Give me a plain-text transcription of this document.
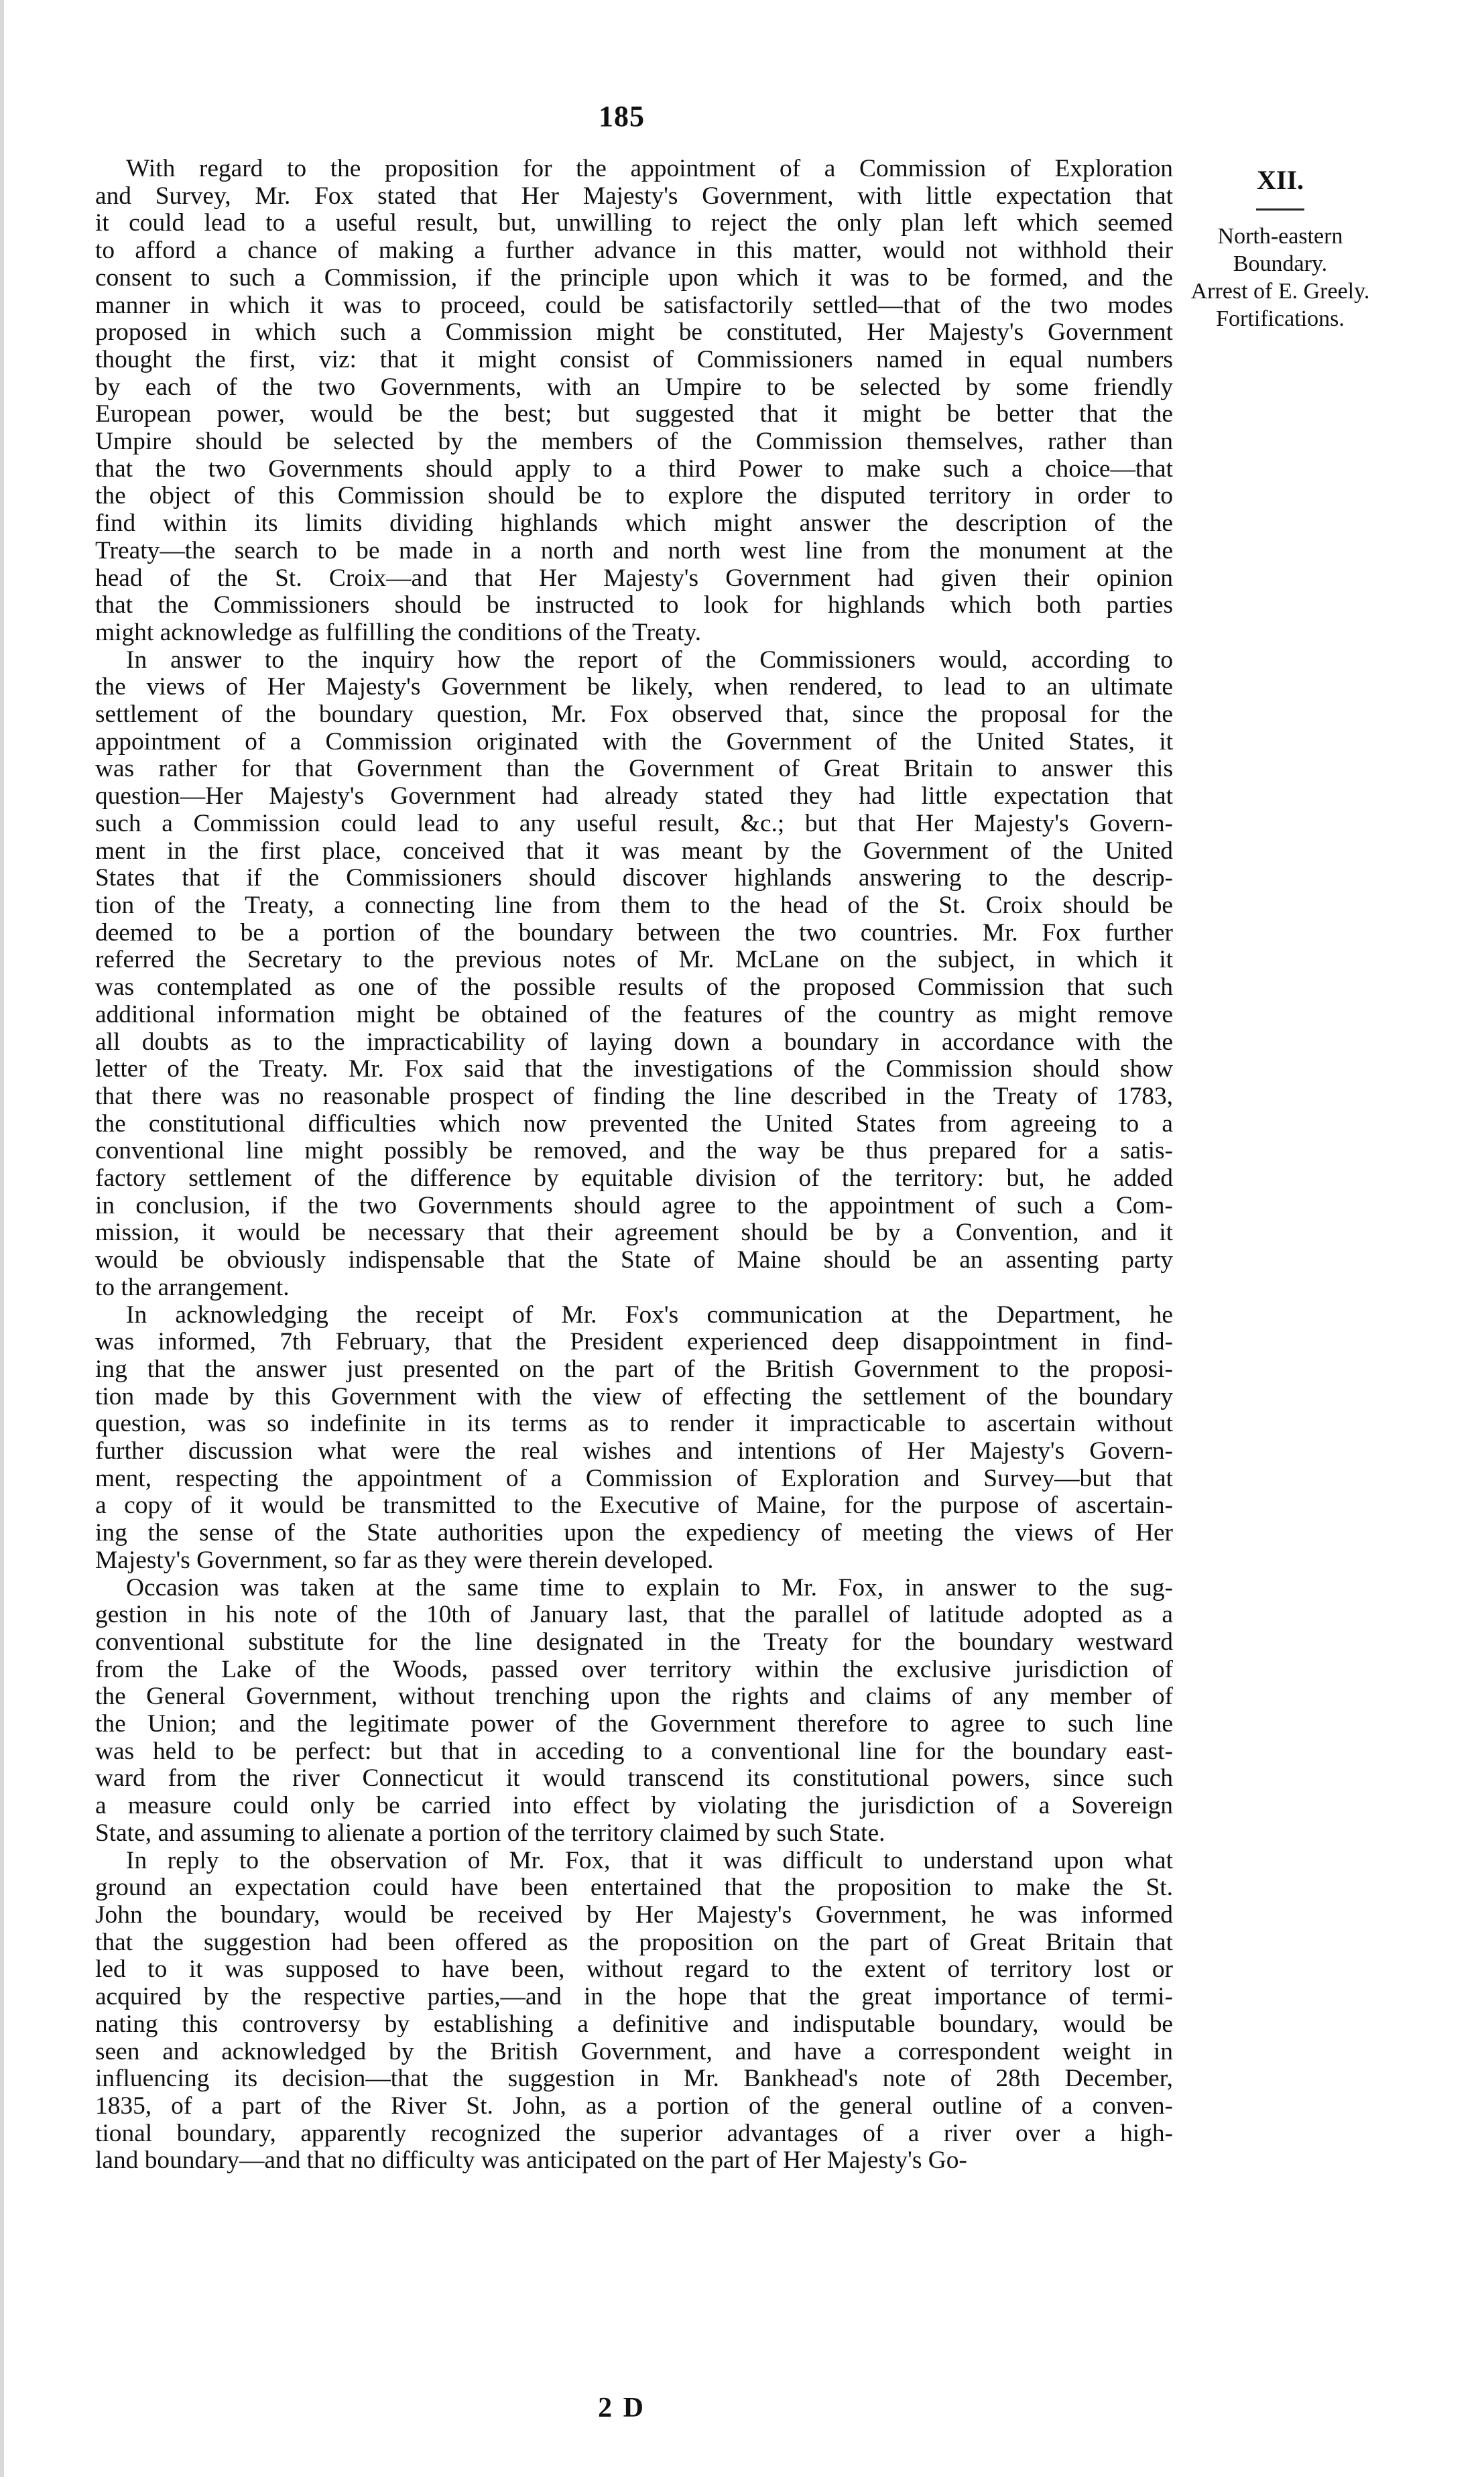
185
XII.
North-eastern
Boundary.
Arrest of E. Greely.
Fortifications.
With regard to the proposition for the appointment of a Commission of Exploration
and Survey, Mr. Fox stated that Her Majesty's Government, with little expectation that
it could lead to a useful result, but, unwilling to reject the only plan left which seemed
to afford a chance of making a further advance in this matter, would not withhold their
consent to such a Commission, if the principle upon which it was to be formed, and the
manner in which it was to proceed, could be satisfactorily settled—that of the two modes
proposed in which such a Commission might be constituted, Her Majesty's Government
thought the first, viz: that it might consist of Commissioners named in equal numbers
by each of the two Governments, with an Umpire to be selected by some friendly
European power, would be the best; but suggested that it might be better that the
Umpire should be selected by the members of the Commission themselves, rather than
that the two Governments should apply to a third Power to make such a choice—that
the object of this Commission should be to explore the disputed territory in order to
find within its limits dividing highlands which might answer the description of the
Treaty—the search to be made in a north and north west line from the monument at the
head of the St. Croix—and that Her Majesty's Government had given their opinion
that the Commissioners should be instructed to look for highlands which both parties
might acknowledge as fulfilling the conditions of the Treaty.
In answer to the inquiry how the report of the Commissioners would, according to
the views of Her Majesty's Government be likely, when rendered, to lead to an ultimate
settlement of the boundary question, Mr. Fox observed that, since the proposal for the
appointment of a Commission originated with the Government of the United States, it
was rather for that Government than the Government of Great Britain to answer this
question—Her Majesty's Government had already stated they had little expectation that
such a Commission could lead to any useful result, &c.; but that Her Majesty's Govern-
ment in the first place, conceived that it was meant by the Government of the United
States that if the Commissioners should discover highlands answering to the descrip-
tion of the Treaty, a connecting line from them to the head of the St. Croix should be
deemed to be a portion of the boundary between the two countries. Mr. Fox further
referred the Secretary to the previous notes of Mr. McLane on the subject, in which it
was contemplated as one of the possible results of the proposed Commission that such
additional information might be obtained of the features of the country as might remove
all doubts as to the impracticability of laying down a boundary in accordance with the
letter of the Treaty. Mr. Fox said that the investigations of the Commission should show
that there was no reasonable prospect of finding the line described in the Treaty of 1783,
the constitutional difficulties which now prevented the United States from agreeing to a
conventional line might possibly be removed, and the way be thus prepared for a satis-
factory settlement of the difference by equitable division of the territory: but, he added
in conclusion, if the two Governments should agree to the appointment of such a Com-
mission, it would be necessary that their agreement should be by a Convention, and it
would be obviously indispensable that the State of Maine should be an assenting party
to the arrangement.
In acknowledging the receipt of Mr. Fox's communication at the Department, he
was informed, 7th February, that the President experienced deep disappointment in find-
ing that the answer just presented on the part of the British Government to the proposi-
tion made by this Government with the view of effecting the settlement of the boundary
question, was so indefinite in its terms as to render it impracticable to ascertain without
further discussion what were the real wishes and intentions of Her Majesty's Govern-
ment, respecting the appointment of a Commission of Exploration and Survey—but that
a copy of it would be transmitted to the Executive of Maine, for the purpose of ascertain-
ing the sense of the State authorities upon the expediency of meeting the views of Her
Majesty's Government, so far as they were therein developed.
Occasion was taken at the same time to explain to Mr. Fox, in answer to the sug-
gestion in his note of the 10th of January last, that the parallel of latitude adopted as a
conventional substitute for the line designated in the Treaty for the boundary westward
from the Lake of the Woods, passed over territory within the exclusive jurisdiction of
the General Government, without trenching upon the rights and claims of any member of
the Union; and the legitimate power of the Government therefore to agree to such line
was held to be perfect: but that in acceding to a conventional line for the boundary east-
ward from the river Connecticut it would transcend its constitutional powers, since such
a measure could only be carried into effect by violating the jurisdiction of a Sovereign
State, and assuming to alienate a portion of the territory claimed by such State.
In reply to the observation of Mr. Fox, that it was difficult to understand upon what
ground an expectation could have been entertained that the proposition to make the St.
John the boundary, would be received by Her Majesty's Government, he was informed
that the suggestion had been offered as the proposition on the part of Great Britain that
led to it was supposed to have been, without regard to the extent of territory lost or
acquired by the respective parties,—and in the hope that the great importance of termi-
nating this controversy by establishing a definitive and indisputable boundary, would be
seen and acknowledged by the British Government, and have a correspondent weight in
influencing its decision—that the suggestion in Mr. Bankhead's note of 28th December,
1835, of a part of the River St. John, as a portion of the general outline of a conven-
tional boundary, apparently recognized the superior advantages of a river over a high-
land boundary—and that no difficulty was anticipated on the part of Her Majesty's Go-
2 D
